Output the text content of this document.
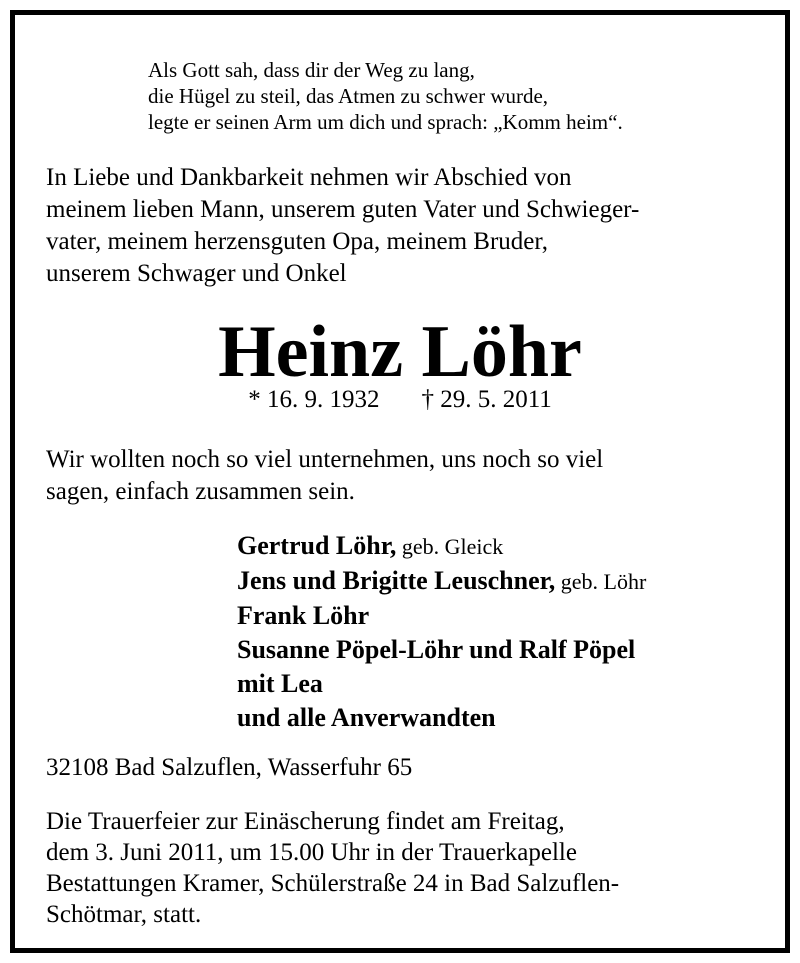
Als Gott sah, dass dir der Weg zu lang,
die Hügel zu steil, das Atmen zu schwer wurde,
legte er seinen Arm um dich und sprach: „Komm heim“.
In Liebe und Dankbarkeit nehmen wir Abschied von
meinem lieben Mann, unserem guten Vater und Schwieger-
vater, meinem herzensguten Opa, meinem Bruder,
unserem Schwager und Onkel
Heinz Löhr
* 16. 9. 1932 † 29. 5. 2011
Wir wollten noch so viel unternehmen, uns noch so viel
sagen, einfach zusammen sein.
Gertrud Löhr, geb. Gleick
Jens und Brigitte Leuschner, geb. Löhr
Frank Löhr
Susanne Pöpel-Löhr und Ralf Pöpel
mit Lea
und alle Anverwandten
32108 Bad Salzuflen, Wasserfuhr 65
Die Trauerfeier zur Einäscherung findet am Freitag,
dem 3. Juni 2011, um 15.00 Uhr in der Trauerkapelle
Bestattungen Kramer, Schülerstraße 24 in Bad Salzuflen-
Schötmar, statt.
